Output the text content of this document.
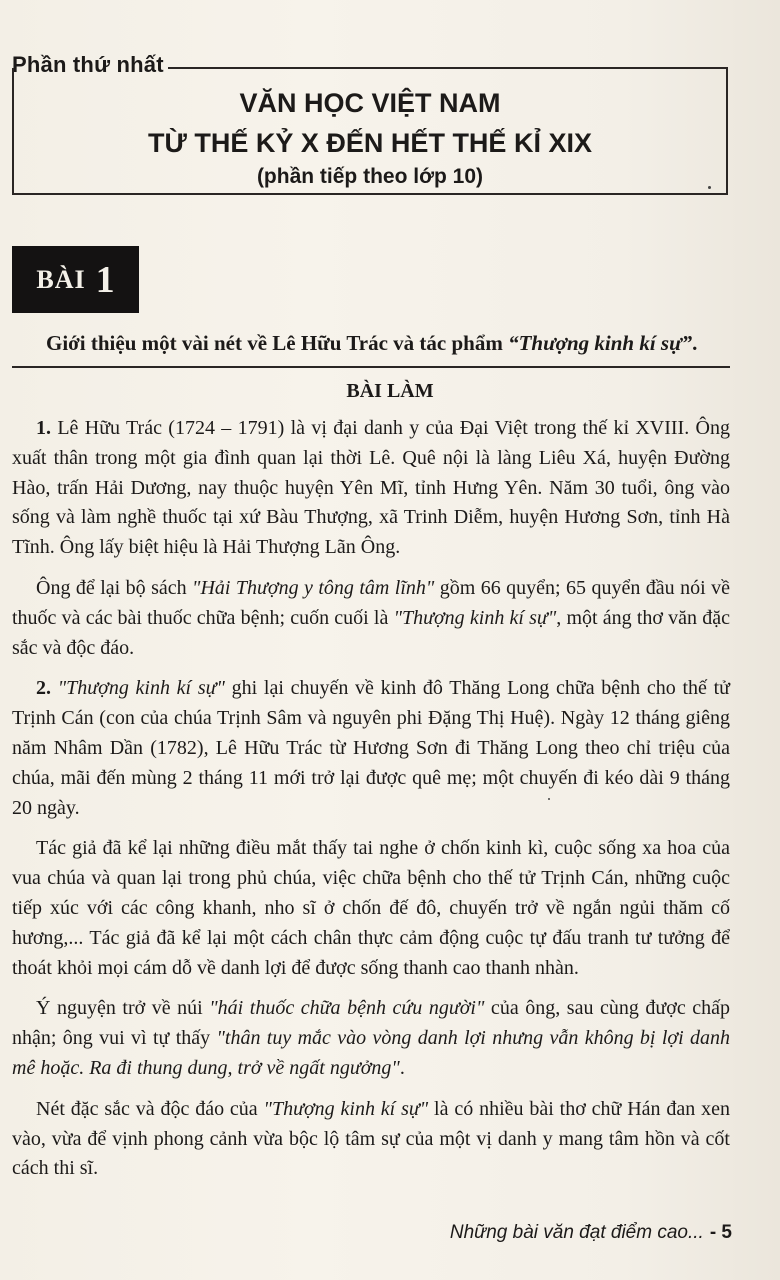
Phần thứ nhất
VĂN HỌC VIỆT NAM
TỪ THẾ KỶ X ĐẾN HẾT THẾ KỈ XIX
(phần tiếp theo lớp 10)
BÀI 1
Giới thiệu một vài nét về Lê Hữu Trác và tác phẩm “Thượng kinh kí sự”.
BÀI LÀM

1. Lê Hữu Trác (1724 – 1791) là vị đại danh y của Đại Việt trong thế kỉ XVIII. Ông xuất thân trong một gia đình quan lại thời Lê. Quê nội là làng Liêu Xá, huyện Đường Hào, trấn Hải Dương, nay thuộc huyện Yên Mĩ, tỉnh Hưng Yên. Năm 30 tuổi, ông vào sống và làm nghề thuốc tại xứ Bàu Thượng, xã Trinh Diễm, huyện Hương Sơn, tỉnh Hà Tĩnh. Ông lấy biệt hiệu là Hải Thượng Lãn Ông.

Ông để lại bộ sách "Hải Thượng y tông tâm lĩnh" gồm 66 quyển; 65 quyển đầu nói về thuốc và các bài thuốc chữa bệnh; cuốn cuối là "Thượng kinh kí sự", một áng thơ văn đặc sắc và độc đáo.

2. "Thượng kinh kí sự" ghi lại chuyến về kinh đô Thăng Long chữa bệnh cho thế tử Trịnh Cán (con của chúa Trịnh Sâm và nguyên phi Đặng Thị Huệ). Ngày 12 tháng giêng năm Nhâm Dần (1782), Lê Hữu Trác từ Hương Sơn đi Thăng Long theo chỉ triệu của chúa, mãi đến mùng 2 tháng 11 mới trở lại được quê mẹ; một chuyến đi kéo dài 9 tháng 20 ngày.

Tác giả đã kể lại những điều mắt thấy tai nghe ở chốn kinh kì, cuộc sống xa hoa của vua chúa và quan lại trong phủ chúa, việc chữa bệnh cho thế tử Trịnh Cán, những cuộc tiếp xúc với các công khanh, nho sĩ ở chốn đế đô, chuyến trở về ngắn ngủi thăm cố hương,... Tác giả đã kể lại một cách chân thực cảm động cuộc tự đấu tranh tư tưởng để thoát khỏi mọi cám dỗ về danh lợi để được sống thanh cao thanh nhàn.

Ý nguyện trở về núi "hái thuốc chữa bệnh cứu người" của ông, sau cùng được chấp nhận; ông vui vì tự thấy "thân tuy mắc vào vòng danh lợi nhưng vẫn không bị lợi danh mê hoặc. Ra đi thung dung, trở về ngất ngưởng".

Nét đặc sắc và độc đáo của "Thượng kinh kí sự" là có nhiều bài thơ chữ Hán đan xen vào, vừa để vịnh phong cảnh vừa bộc lộ tâm sự của một vị danh y mang tâm hồn và cốt cách thi sĩ.

Những bài văn đạt điểm cao... - 5
